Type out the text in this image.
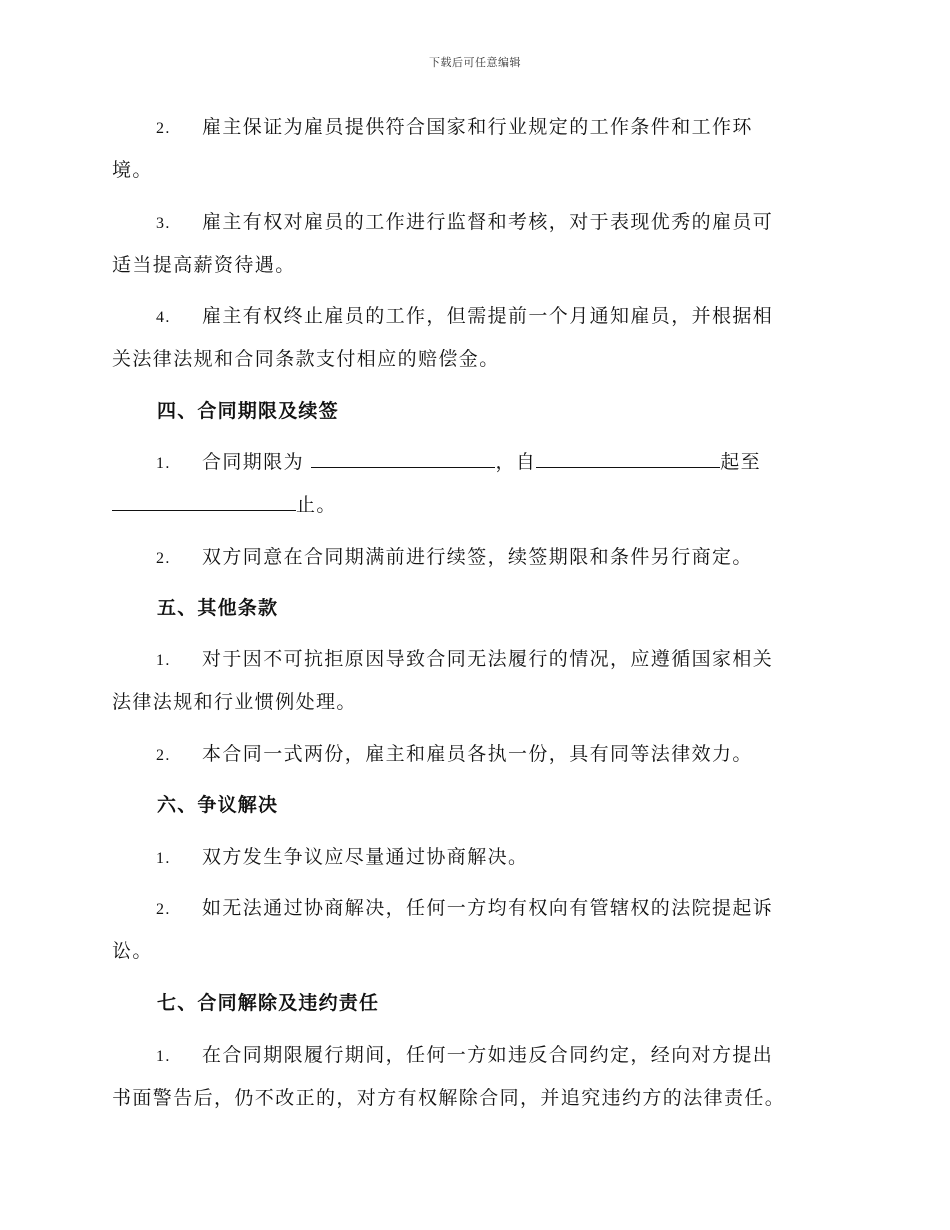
下载后可任意编辑
2. 雇主保证为雇员提供符合国家和行业规定的工作条件和工作环
境。
3. 雇主有权对雇员的工作进行监督和考核，对于表现优秀的雇员可
适当提高薪资待遇。
4. 雇主有权终止雇员的工作，但需提前一个月通知雇员，并根据相
关法律法规和合同条款支付相应的赔偿金。
四、合同期限及续签
1. 合同期限为	，自	起至
止。
2. 双方同意在合同期满前进行续签，续签期限和条件另行商定。
五、其他条款
1. 对于因不可抗拒原因导致合同无法履行的情况，应遵循国家相关
法律法规和行业惯例处理。
2. 本合同一式两份，雇主和雇员各执一份，具有同等法律效力。
六、争议解决
1. 双方发生争议应尽量通过协商解决。
2. 如无法通过协商解决，任何一方均有权向有管辖权的法院提起诉
讼。
七、合同解除及违约责任
1. 在合同期限履行期间，任何一方如违反合同约定，经向对方提出
书面警告后，仍不改正的，对方有权解除合同，并追究违约方的法律责任。
